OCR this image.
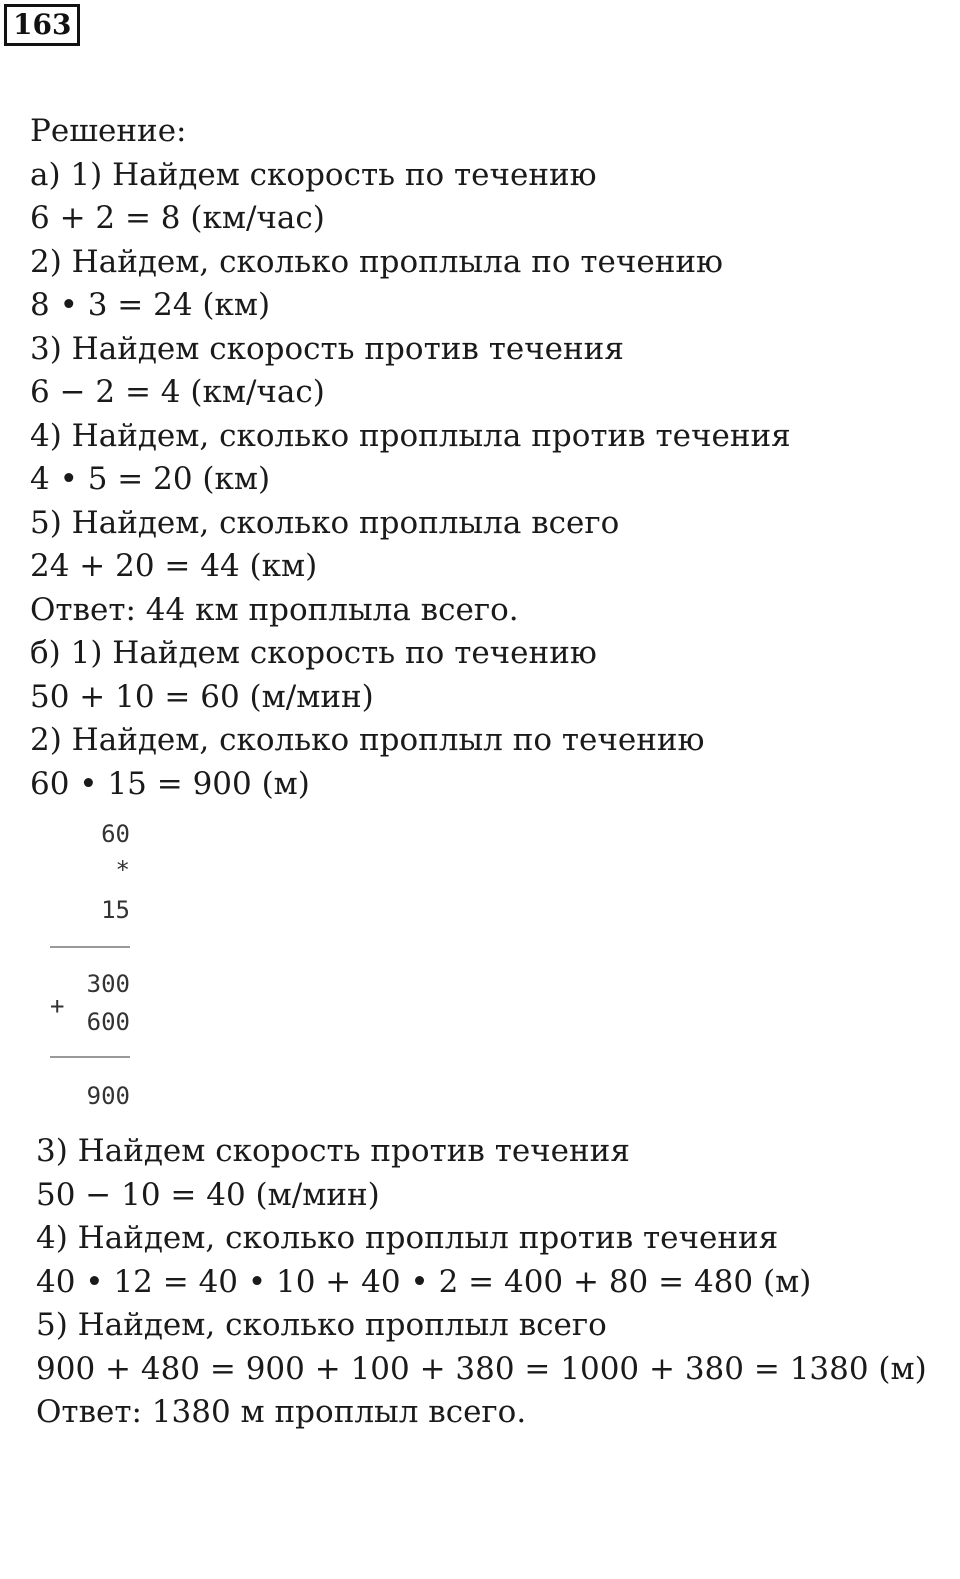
163
Решение:
а) 1) Найдем скорость по течению
6 + 2 = 8 (км/час)
2) Найдем, сколько проплыла по течению
8 • 3 = 24 (км)
3) Найдем скорость против течения
6 − 2 = 4 (км/час)
4) Найдем, сколько проплыла против течения
4 • 5 = 20 (км)
5) Найдем, сколько проплыла всего
24 + 20 = 44 (км)
Ответ: 44 км проплыла всего.
б) 1) Найдем скорость по течению
50 + 10 = 60 (м/мин)
2) Найдем, сколько проплыл по течению
60 • 15 = 900 (м)
60
*
15
+
300
600
900
3) Найдем скорость против течения
50 − 10 = 40 (м/мин)
4) Найдем, сколько проплыл против течения
40 • 12 = 40 • 10 + 40 • 2 = 400 + 80 = 480 (м)
5) Найдем, сколько проплыл всего
900 + 480 = 900 + 100 + 380 = 1000 + 380 = 1380 (м)
Ответ: 1380 м проплыл всего.
